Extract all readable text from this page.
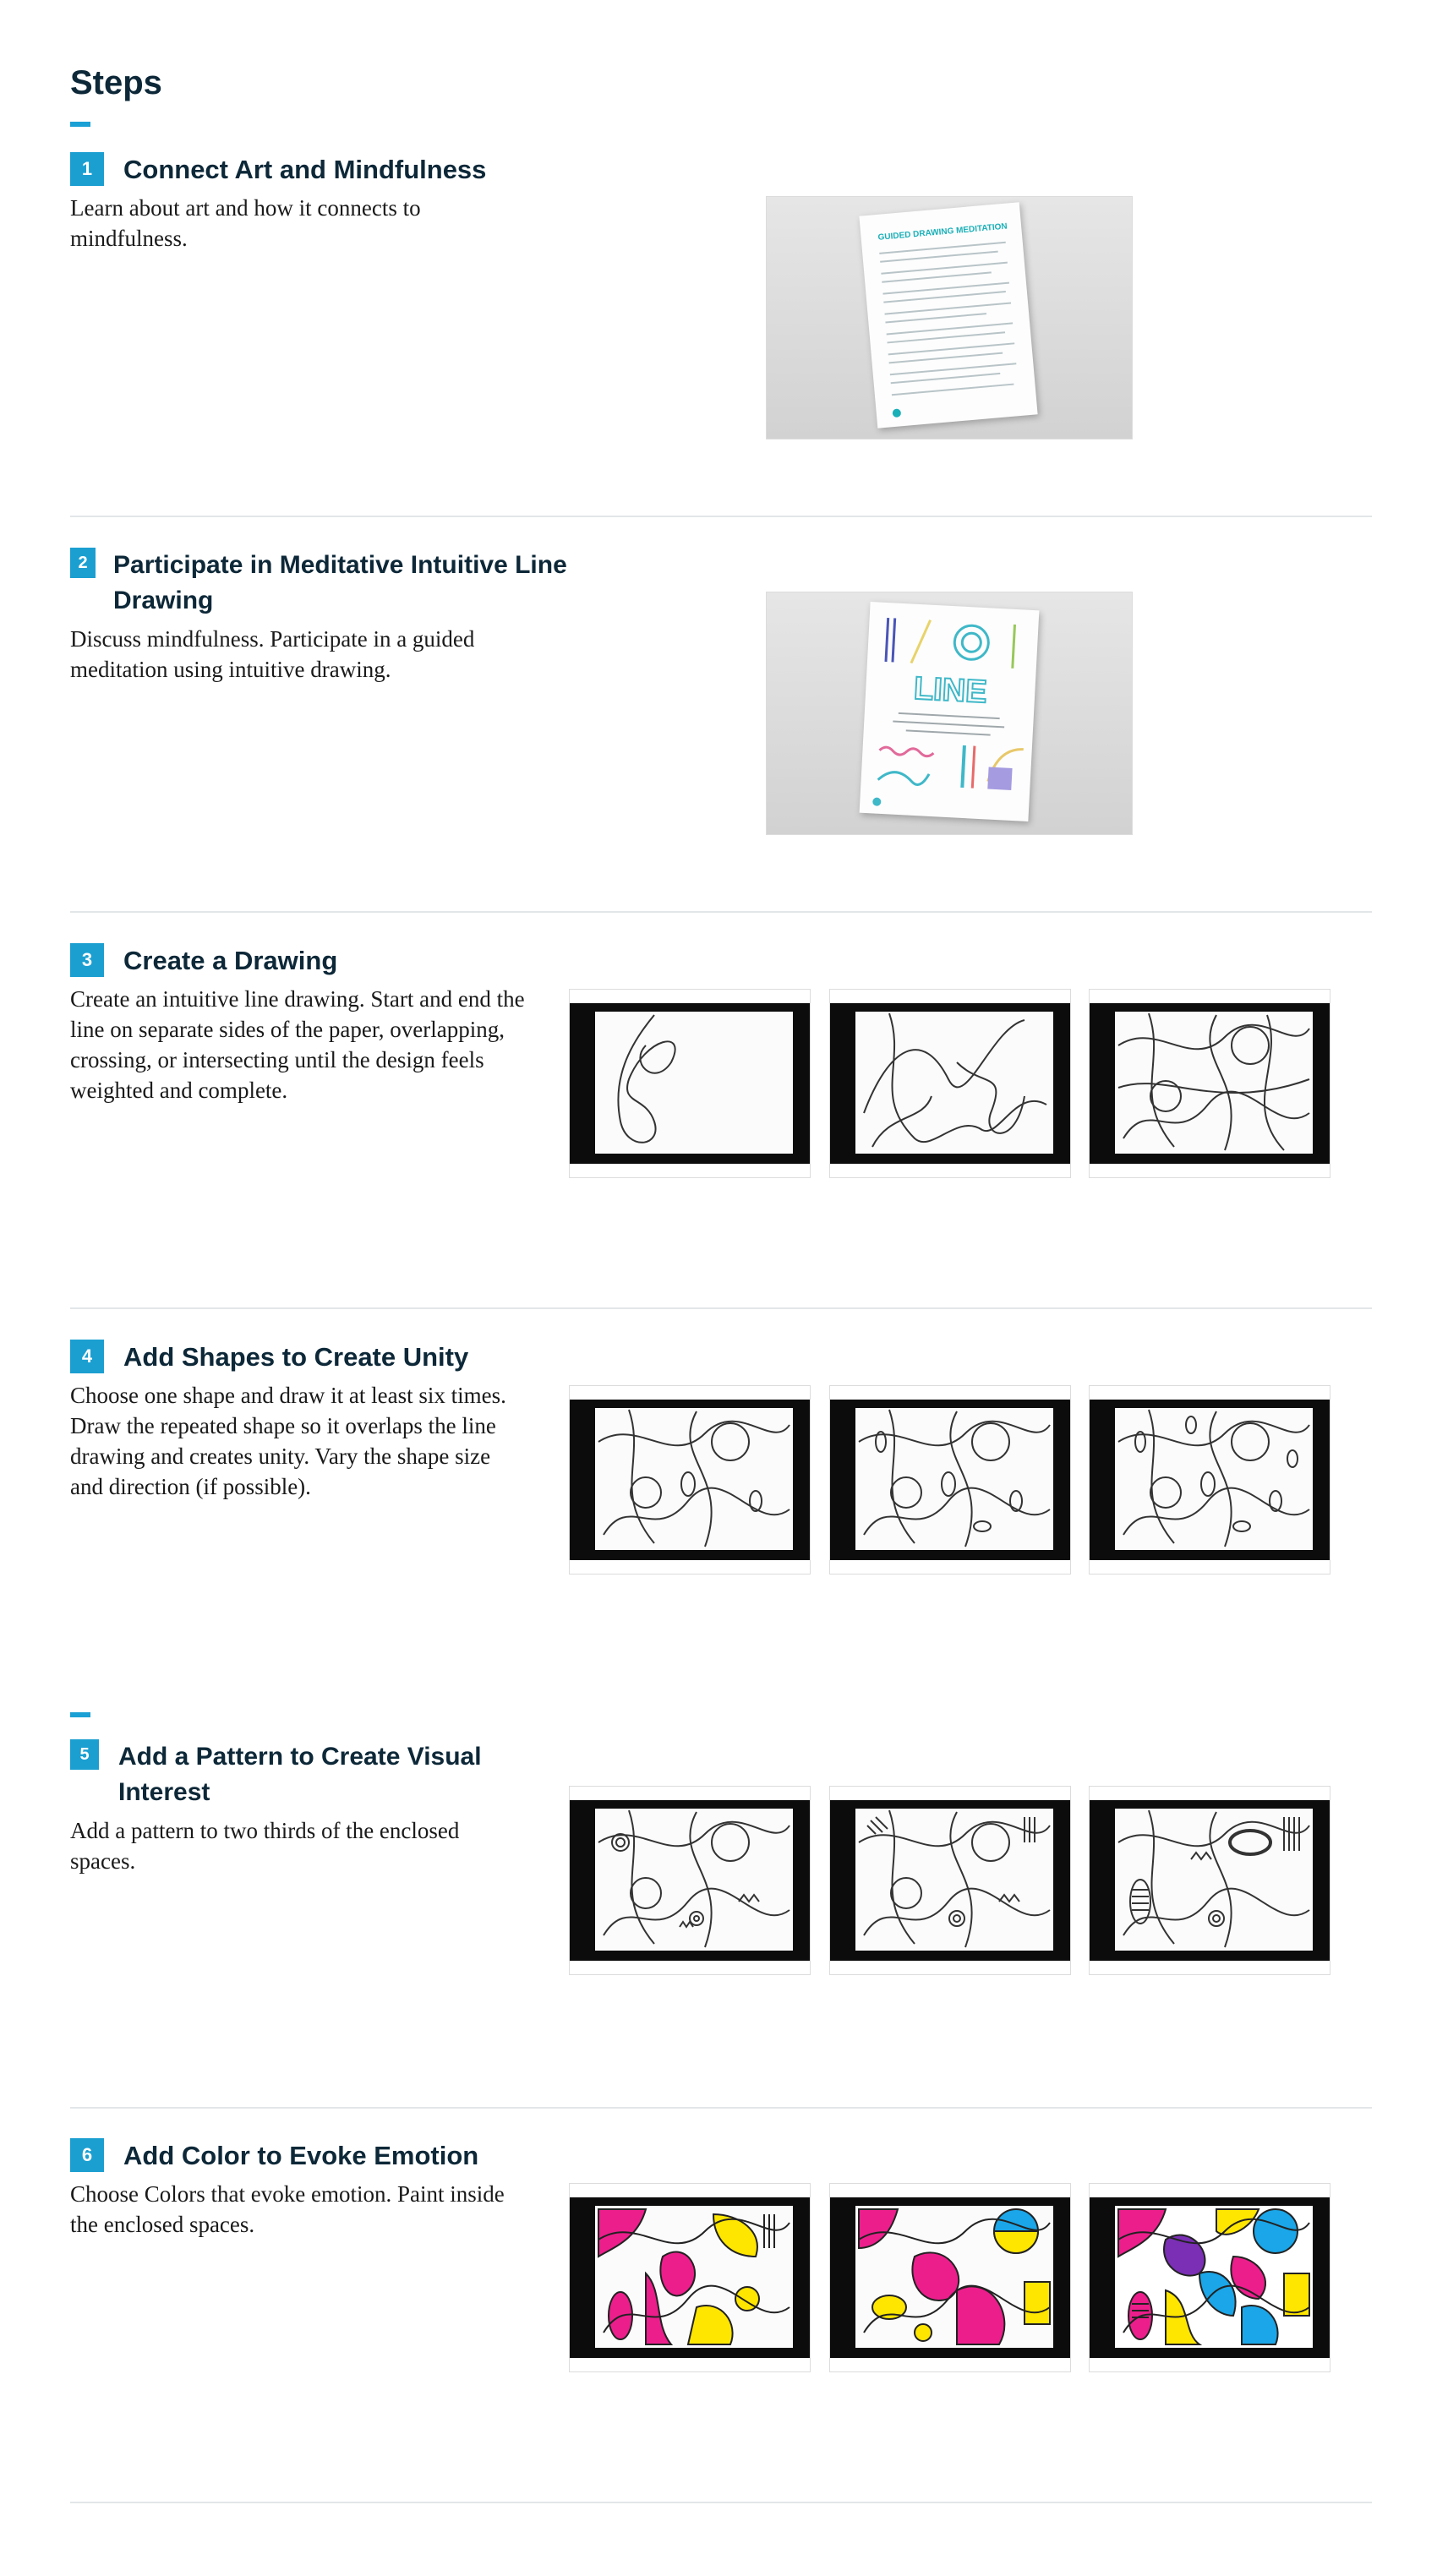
Steps
1	Connect Art and Mindfulness

Learn about art and how it connects to mindfulness.	GUIDED DRAWING MEDITATION
2	Participate in Meditative Intuitive Line Drawing

Discuss mindfulness. Participate in a guided meditation using intuitive drawing.

LINE
3	Create a Drawing

Create an intuitive line drawing. Start and end the line on separate sides of the paper, overlapping, crossing, or intersecting until the design feels weighted and complete.

4	Add Shapes to Create Unity

Choose one shape and draw it at least six times. Draw the repeated shape so it overlaps the line drawing and creates unity. Vary the shape size and direction (if possible).

5	Add a Pattern to Create Visual Interest

Add a pattern to two thirds of the enclosed spaces.

6	Add Color to Evoke Emotion

Choose Colors that evoke emotion. Paint inside the enclosed spaces.
